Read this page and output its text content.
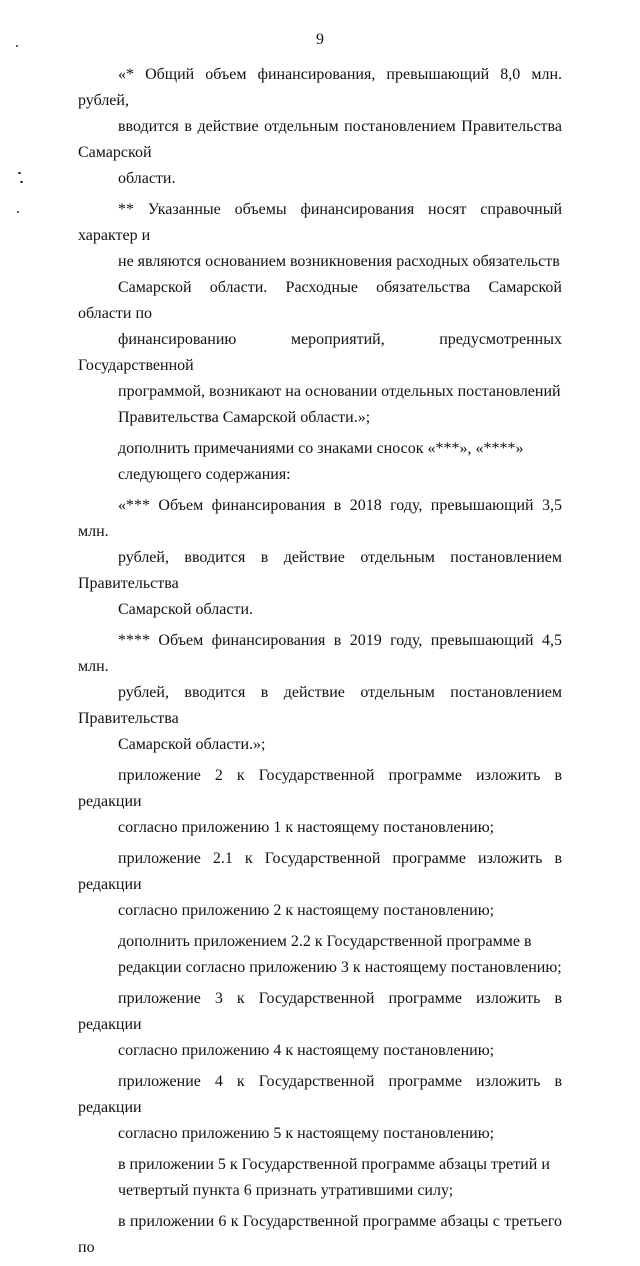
9

«* Общий объем финансирования, превышающий 8,0 млн. рублей,
вводится в действие отдельным постановлением Правительства Самарской
области.

** Указанные объемы финансирования носят справочный характер и
не являются основанием возникновения расходных обязательств
Самарской области. Расходные обязательства Самарской области по
финансированию мероприятий, предусмотренных Государственной
программой, возникают на основании отдельных постановлений
Правительства Самарской области.»;

дополнить примечаниями со знаками сносок «***», «****»
следующего содержания:

«*** Объем финансирования в 2018 году, превышающий 3,5 млн.
рублей, вводится в действие отдельным постановлением Правительства
Самарской области.

**** Объем финансирования в 2019 году, превышающий 4,5 млн.
рублей, вводится в действие отдельным постановлением Правительства
Самарской области.»;

приложение 2 к Государственной программе изложить в редакции
согласно приложению 1 к настоящему постановлению;

приложение 2.1 к Государственной программе изложить в редакции
согласно приложению 2 к настоящему постановлению;

дополнить приложением 2.2 к Государственной программе в
редакции согласно приложению 3 к настоящему постановлению;

приложение 3 к Государственной программе изложить в редакции
согласно приложению 4 к настоящему постановлению;

приложение 4 к Государственной программе изложить в редакции
согласно приложению 5 к настоящему постановлению;

в приложении 5 к Государственной программе абзацы третий и
четвертый пункта 6 признать утратившими силу;

в приложении 6 к Государственной программе абзацы с третьего по
